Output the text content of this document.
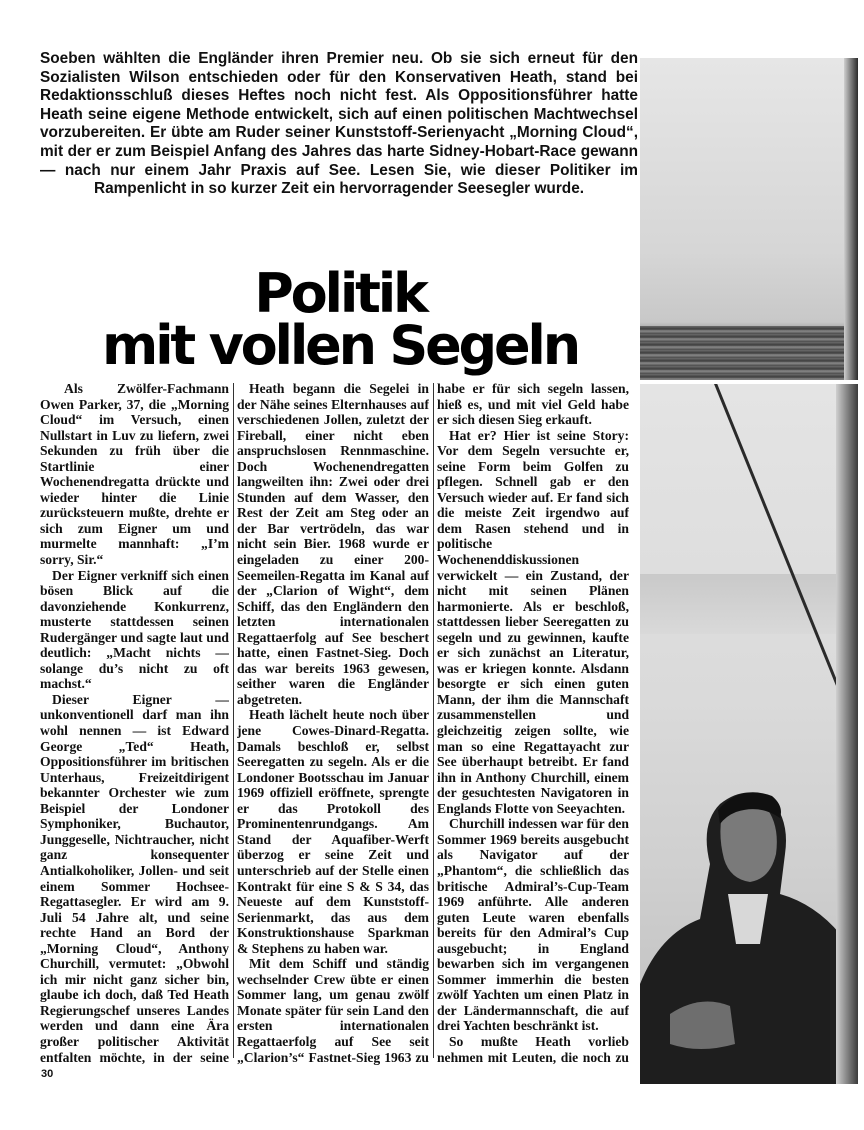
Soeben wählten die Engländer ihren Premier neu. Ob sie sich erneut für den Sozialisten Wilson entschieden oder für den Konservativen Heath, stand bei Redaktionsschluß dieses Heftes noch nicht fest. Als Oppositionsführer hatte Heath seine eigene Methode entwickelt, sich auf einen politischen Machtwechsel vorzubereiten. Er übte am Ruder seiner Kunststoff-Serienyacht „Morning Cloud“, mit der er zum Beispiel Anfang des Jahres das harte Sidney-Hobart-Race gewann — nach nur einem Jahr Praxis auf See. Lesen Sie, wie dieser Politiker im Rampenlicht in so kurzer Zeit ein hervorragender Seesegler wurde.

Politik
mit vollen Segeln

Als Zwölfer-Fachmann Owen Parker, 37, die „Morning Cloud“ im Versuch, einen Nullstart in Luv zu liefern, zwei Sekunden zu früh über die Startlinie einer Wochenendregatta drückte und wieder hinter die Linie zurücksteuern mußte, drehte er sich zum Eigner um und murmelte mannhaft: „I’m sorry, Sir.“

Der Eigner verkniff sich einen bösen Blick auf die davonziehende Konkurrenz, musterte stattdessen seinen Rudergänger und sagte laut und deutlich: „Macht nichts — solange du’s nicht zu oft machst.“

Dieser Eigner — unkonventionell darf man ihn wohl nennen — ist Edward George „Ted“ Heath, Oppositionsführer im britischen Unterhaus, Freizeitdirigent bekannter Orchester wie zum Beispiel der Londoner Symphoniker, Buchautor, Junggeselle, Nichtraucher, nicht ganz konsequenter Antialkoholiker, Jollen- und seit einem Sommer Hochsee-Regattasegler. Er wird am 9. Juli 54 Jahre alt, und seine rechte Hand an Bord der „Morning Cloud“, Anthony Churchill, vermutet: „Obwohl ich mir nicht ganz sicher bin, glaube ich doch, daß Ted Heath Regierungschef unseres Landes werden und dann eine Ära großer politischer Aktivität entfalten möchte, in der seine

Heath begann die Segelei in der Nähe seines Elternhauses auf verschiedenen Jollen, zuletzt der Fireball, einer nicht eben anspruchslosen Rennmaschine. Doch Wochenendregatten langweilten ihn: Zwei oder drei Stunden auf dem Wasser, den Rest der Zeit am Steg oder an der Bar vertrödeln, das war nicht sein Bier. 1968 wurde er eingeladen zu einer 200-Seemeilen-Regatta im Kanal auf der „Clarion of Wight“, dem Schiff, das den Engländern den letzten internationalen Regattaerfolg auf See beschert hatte, einen Fastnet-Sieg. Doch das war bereits 1963 gewesen, seither waren die Engländer abgetreten.

Heath lächelt heute noch über jene Cowes-Dinard-Regatta. Damals beschloß er, selbst Seeregatten zu segeln. Als er die Londoner Bootsschau im Januar 1969 offiziell eröffnete, sprengte er das Protokoll des Prominentenrundgangs. Am Stand der Aquafiber-Werft überzog er seine Zeit und unterschrieb auf der Stelle einen Kontrakt für eine S & S 34, das Neueste auf dem Kunststoff-Serienmarkt, das aus dem Konstruktionshause Sparkman & Stephens zu haben war.

Mit dem Schiff und ständig wechselnder Crew übte er einen Sommer lang, um genau zwölf Monate später für sein Land den ersten internationalen Regattaerfolg auf See seit „Clarion’s“ Fastnet-Sieg 1963 zu

habe er für sich segeln lassen, hieß es, und mit viel Geld habe er sich diesen Sieg erkauft.

Hat er? Hier ist seine Story: Vor dem Segeln versuchte er, seine Form beim Golfen zu pflegen. Schnell gab er den Versuch wieder auf. Er fand sich die meiste Zeit irgendwo auf dem Rasen stehend und in politische Wochenenddiskussionen verwickelt — ein Zustand, der nicht mit seinen Plänen harmonierte. Als er beschloß, stattdessen lieber Seeregatten zu segeln und zu gewinnen, kaufte er sich zunächst an Literatur, was er kriegen konnte. Alsdann besorgte er sich einen guten Mann, der ihm die Mannschaft zusammenstellen und gleichzeitig zeigen sollte, wie man so eine Regattayacht zur See überhaupt betreibt. Er fand ihn in Anthony Churchill, einem der gesuchtesten Navigatoren in Englands Flotte von Seeyachten.

Churchill indessen war für den Sommer 1969 bereits ausgebucht als Navigator auf der „Phantom“, die schließlich das britische Admiral’s-Cup-Team 1969 anführte. Alle anderen guten Leute waren ebenfalls bereits für den Admiral’s Cup ausgebucht; in England bewarben sich im vergangenen Sommer immerhin die besten zwölf Yachten um einen Platz in der Ländermannschaft, die auf drei Yachten beschränkt ist.

So mußte Heath vorlieb nehmen mit Leuten, die noch zu

30
